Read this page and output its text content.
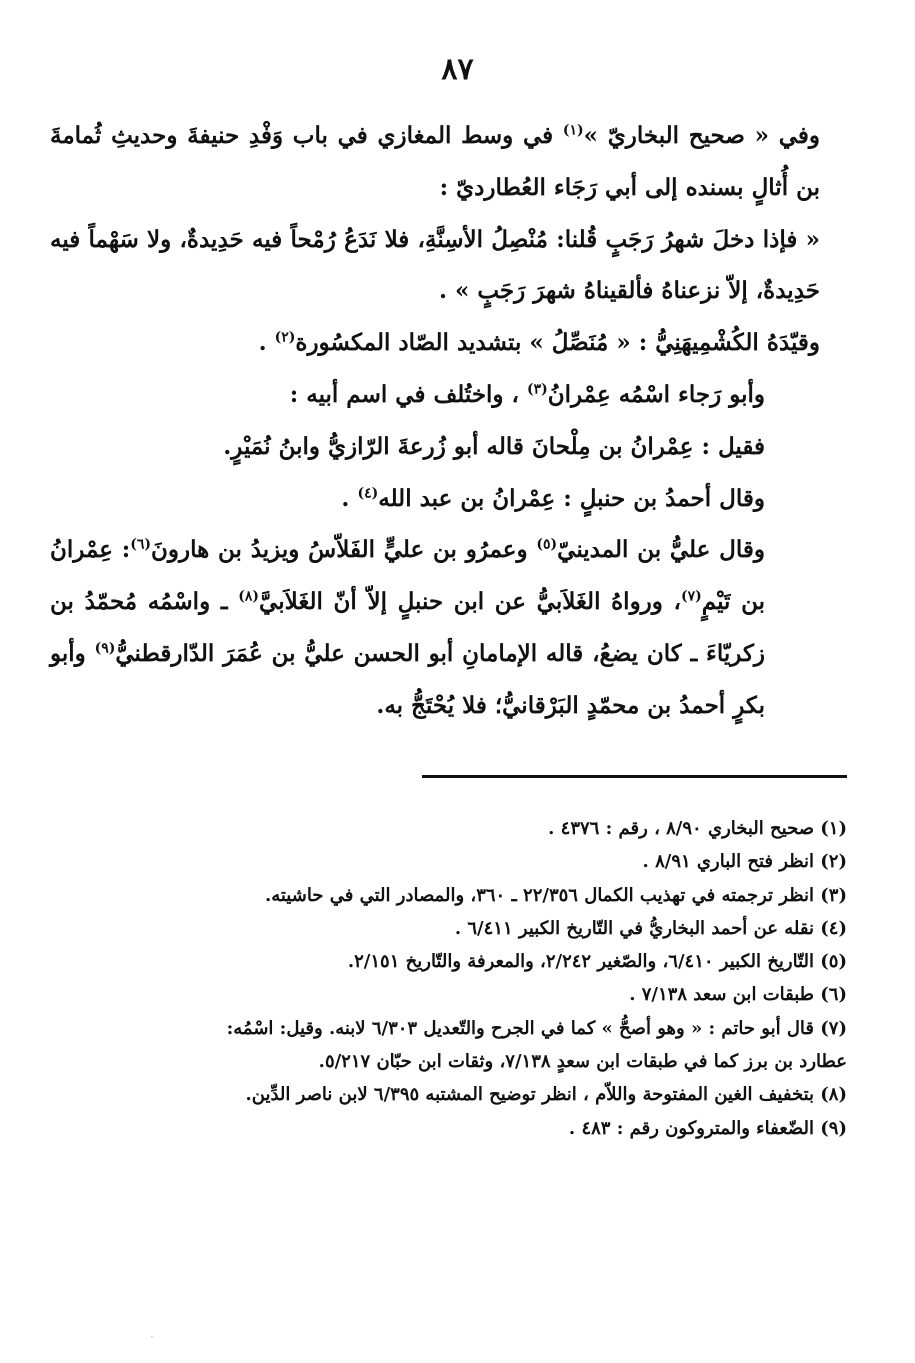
٨٧

وفي « صحيح البخاريّ »$^{(١)}$ في وسط المغازي في باب وَفْدِ حنيفةَ وحديثِ ثُمامةَ بن أُثالٍ بسنده إلى أبي رَجَاء العُطارديّ :

« فإذا دخلَ شهرُ رَجَبٍ قُلنا: مُنْصِلُ الأسِنَّةِ، فلا نَدَعُ رُمْحاً فيه حَدِيدةٌ، ولا سَهْماً فيه حَدِيدةٌ، إلاّ نزعناهُ فألقيناهُ شهرَ رَجَبٍ » .

وقيّدَهُ الكُشْمِيهَنِيُّ : « مُنَصِّلُ » بتشديد الصّاد المكسُورة$^{(٢)}$ .

وأبو رَجاء اسْمُه عِمْرانُ$^{(٣)}$ ، واختُلف في اسم أبيه :

فقيل : عِمْرانُ بن مِلْحانَ قاله أبو زُرعةَ الرّازيُّ وابنُ نُمَيْرٍ.

وقال أحمدُ بن حنبلٍ : عِمْرانُ بن عبد الله$^{(٤)}$ .

وقال عليُّ بن المدينيّ$^{(٥)}$ وعمرُو بن عليٍّ الفَلاّسُ ويزيدُ بن هارونَ$^{(٦)}$: عِمْرانُ بن تَيْمٍ$^{(٧)}$، ورواهُ الغَلاَبيُّ عن ابن حنبلٍ إلاّ أنّ الغَلاَبيَّ$^{(٨)}$ ـ واسْمُه مُحمّدُ بن زكريّاءَ ـ كان يضعُ، قاله الإمامانِ أبو الحسن عليُّ بن عُمَرَ الدّارقطنيُّ$^{(٩)}$ وأبو بكرٍ أحمدُ بن محمّدٍ البَرْقانيُّ؛ فلا يُحْتَجُّ به.

(١) صحيح البخاري ٨/٩٠ ، رقم : ٤٣٧٦ .

(٢) انظر فتح الباري ٨/٩١ .

(٣) انظر ترجمته في تهذيب الكمال ٢٢/٣٥٦ ـ ٣٦٠، والمصادر التي في حاشيته.

(٤) نقله عن أحمد البخاريُّ في التّاريخ الكبير ٦/٤١١ .

(٥) التّاريخ الكبير ٦/٤١٠، والصّغير ٢/٢٤٢، والمعرفة والتّاريخ ٢/١٥١.

(٦) طبقات ابن سعد ٧/١٣٨ .

(٧) قال أبو حاتم : « وهو أصحُّ » كما في الجرح والتّعديل ٦/٣٠٣ لابنه. وقيل: اسْمُه:

عطارد بن برز كما في طبقات ابن سعدٍ ٧/١٣٨، وثقات ابن حبّان ٥/٢١٧.

(٨) بتخفيف الغين المفتوحة واللاّم ، انظر توضيح المشتبه ٦/٣٩٥ لابن ناصر الدِّين.

(٩) الضّعفاء والمتروكون رقم : ٤٨٣ .

·
